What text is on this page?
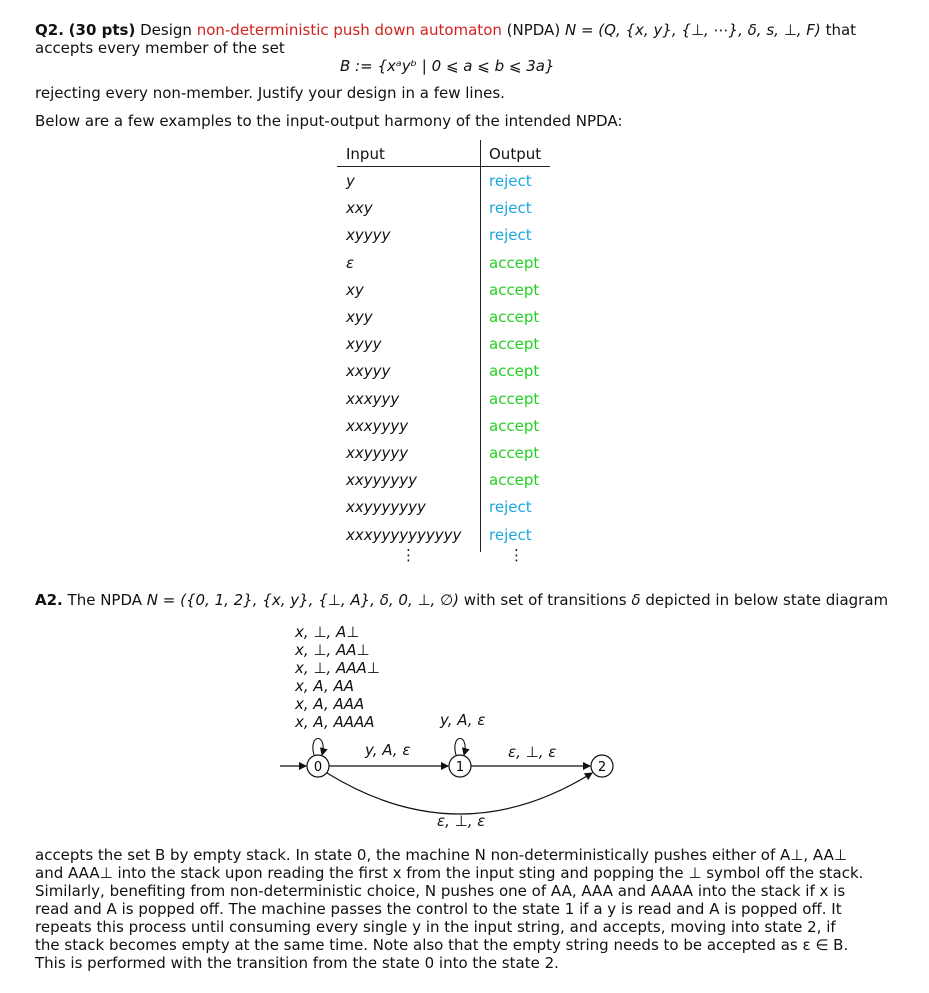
Q2. (30 pts) Design non-deterministic push down automaton (NPDA) N = (Q, {x, y}, {⊥, ⋯}, δ, s, ⊥, F) that
accepts every member of the set
B := {xᵃyᵇ | 0 ⩽ a ⩽ b ⩽ 3a}
rejecting every non-member. Justify your design in a few lines.
Below are a few examples to the input-output harmony of the intended NPDA:
Input	Output
y	reject
xxy	reject
xyyyy	reject
ε	accept
xy	accept
xyy	accept
xyyy	accept
xxyyy	accept
xxxyyy	accept
xxxyyyy	accept
xxyyyyy	accept
xxyyyyyy	accept
xxyyyyyyy	reject
xxxyyyyyyyyyy reject
⋮	⋮
A2. The NPDA N = ({0, 1, 2}, {x, y}, {⊥, A}, δ, 0, ⊥, ∅) with set of transitions δ depicted in below state diagram
x, ⊥, A⊥
x, ⊥, AA⊥
x, ⊥, AAA⊥
x, A, AA
x, A, AAA
x, A, AAAA	y, A, ε
y, A, ε	ε, ⊥, ε
ε, ⊥, ε
0	1	2

accepts the set B by empty stack. In state 0, the machine N non-deterministically pushes either of A⊥, AA⊥

and AAA⊥ into the stack upon reading the first x from the input sting and popping the ⊥ symbol off the stack.

Similarly, benefiting from non-deterministic choice, N pushes one of AA, AAA and AAAA into the stack if x is

read and A is popped off. The machine passes the control to the state 1 if a y is read and A is popped off. It

repeats this process until consuming every single y in the input string, and accepts, moving into state 2, if

the stack becomes empty at the same time. Note also that the empty string needs to be accepted as ε ∈ B.

This is performed with the transition from the state 0 into the state 2.
